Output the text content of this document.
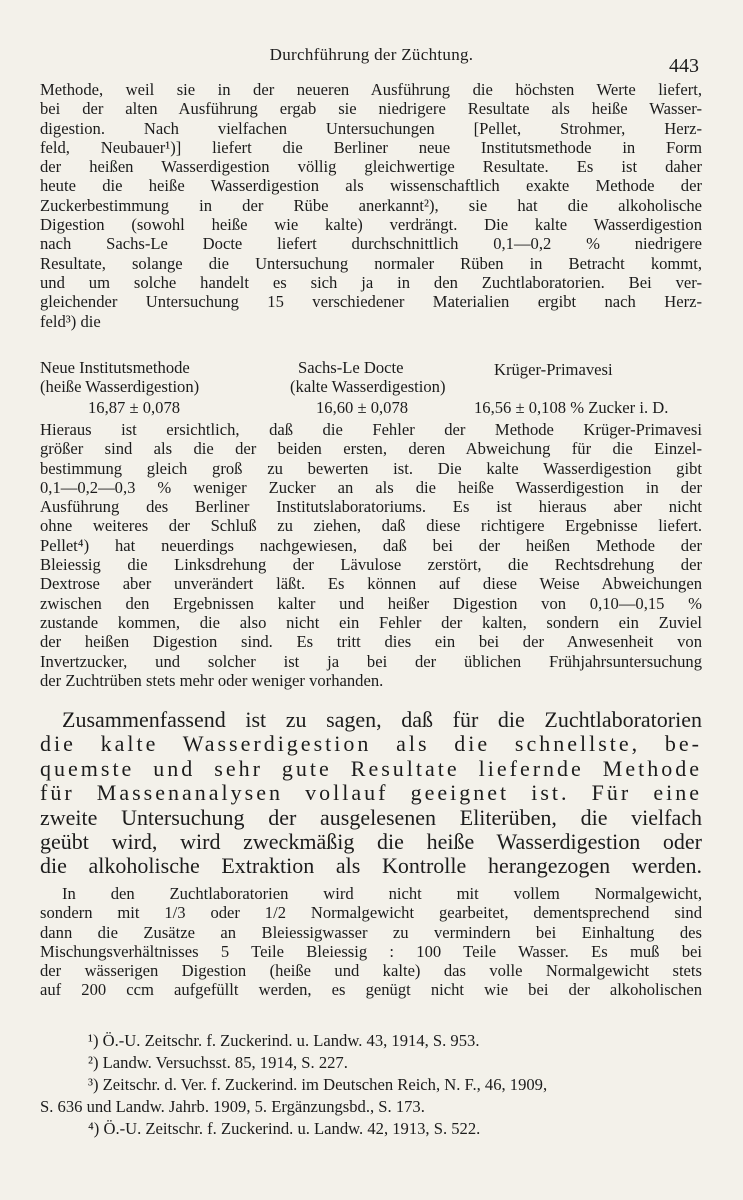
Durchführung der Züchtung.
443
Methode, weil sie in der neueren Ausführung die höchsten Werte liefert,
bei der alten Ausführung ergab sie niedrigere Resultate als heiße Wasser-
digestion. Nach vielfachen Untersuchungen [Pellet, Strohmer, Herz-
feld, Neubauer¹)] liefert die Berliner neue Institutsmethode in Form
der heißen Wasserdigestion völlig gleichwertige Resultate. Es ist daher
heute die heiße Wasserdigestion als wissenschaftlich exakte Methode der
Zuckerbestimmung in der Rübe anerkannt²), sie hat die alkoholische
Digestion (sowohl heiße wie kalte) verdrängt. Die kalte Wasserdigestion
nach Sachs-Le Docte liefert durchschnittlich 0,1—0,2 % niedrigere
Resultate, solange die Untersuchung normaler Rüben in Betracht kommt,
und um solche handelt es sich ja in den Zuchtlaboratorien. Bei ver-
gleichender Untersuchung 15 verschiedener Materialien ergibt nach Herz-
feld³) die
Neue Institutsmethode	Sachs-Le Docte	Krüger-Primavesi
(heiße Wasserdigestion)	(kalte Wasserdigestion)
16,87 ± 0,078	16,60 ± 0,078	16,56 ± 0,108 % Zucker i. D.
Hieraus ist ersichtlich, daß die Fehler der Methode Krüger-Primavesi
größer sind als die der beiden ersten, deren Abweichung für die Einzel-
bestimmung gleich groß zu bewerten ist. Die kalte Wasserdigestion gibt
0,1—0,2—0,3 % weniger Zucker an als die heiße Wasserdigestion in der
Ausführung des Berliner Institutslaboratoriums. Es ist hieraus aber nicht
ohne weiteres der Schluß zu ziehen, daß diese richtigere Ergebnisse liefert.
Pellet⁴) hat neuerdings nachgewiesen, daß bei der heißen Methode der
Bleiessig die Linksdrehung der Lävulose zerstört, die Rechtsdrehung der
Dextrose aber unverändert läßt. Es können auf diese Weise Abweichungen
zwischen den Ergebnissen kalter und heißer Digestion von 0,10—0,15 %
zustande kommen, die also nicht ein Fehler der kalten, sondern ein Zuviel
der heißen Digestion sind. Es tritt dies ein bei der Anwesenheit von
Invertzucker, und solcher ist ja bei der üblichen Frühjahrsuntersuchung
der Zuchtrüben stets mehr oder weniger vorhanden.
Zusammenfassend ist zu sagen, daß für die Zuchtlaboratorien
die kalte Wasserdigestion als die schnellste, be-
quemste und sehr gute Resultate liefernde Methode
für Massenanalysen vollauf geeignet ist. Für eine
zweite Untersuchung der ausgelesenen Eliterüben, die vielfach
geübt wird, wird zweckmäßig die heiße Wasserdigestion oder
die alkoholische Extraktion als Kontrolle herangezogen werden.
In den Zuchtlaboratorien wird nicht mit vollem Normalgewicht,
sondern mit 1/3 oder 1/2 Normalgewicht gearbeitet, dementsprechend sind
dann die Zusätze an Bleiessigwasser zu vermindern bei Einhaltung des
Mischungsverhältnisses 5 Teile Bleiessig : 100 Teile Wasser. Es muß bei
der wässerigen Digestion (heiße und kalte) das volle Normalgewicht stets
auf 200 ccm aufgefüllt werden, es genügt nicht wie bei der alkoholischen
¹) Ö.-U. Zeitschr. f. Zuckerind. u. Landw. 43, 1914, S. 953.
²) Landw. Versuchsst. 85, 1914, S. 227.
³) Zeitschr. d. Ver. f. Zuckerind. im Deutschen Reich, N. F., 46, 1909,
S. 636 und Landw. Jahrb. 1909, 5. Ergänzungsbd., S. 173.
⁴) Ö.-U. Zeitschr. f. Zuckerind. u. Landw. 42, 1913, S. 522.
